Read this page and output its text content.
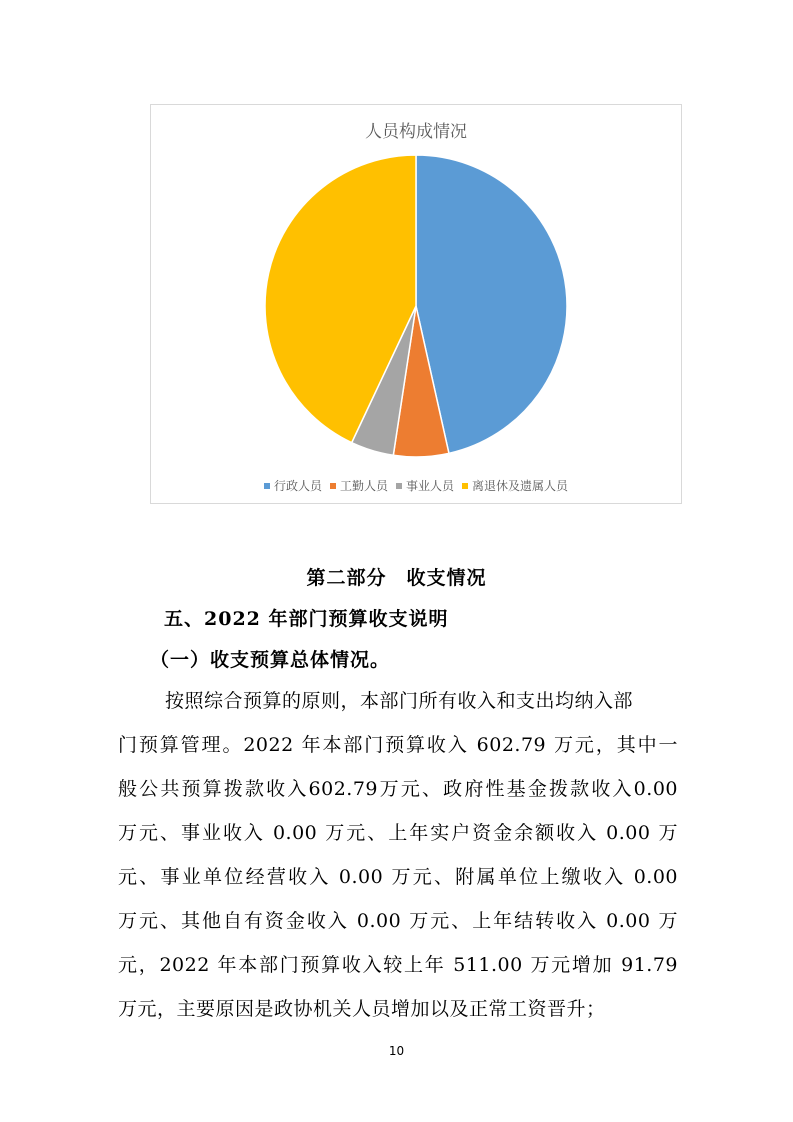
人员构成情况
行政人员 工勤人员 事业人员 离退休及遗属人员
第二部分　收支情况
五、2022 年部门预算收支说明
（一）收支预算总体情况。
按照综合预算的原则，本部门所有收入和支出均纳入部
门预算管理。2022 年本部门预算收入 602.79 万元，其中一
般公共预算拨款收入602.79万元、政府性基金拨款收入0.00
万元、事业收入 0.00 万元、上年实户资金余额收入 0.00 万
元、事业单位经营收入 0.00 万元、附属单位上缴收入 0.00
万元、其他自有资金收入 0.00 万元、上年结转收入 0.00 万
元，2022 年本部门预算收入较上年 511.00 万元增加 91.79
万元，主要原因是政协机关人员增加以及正常工资晋升；
10
